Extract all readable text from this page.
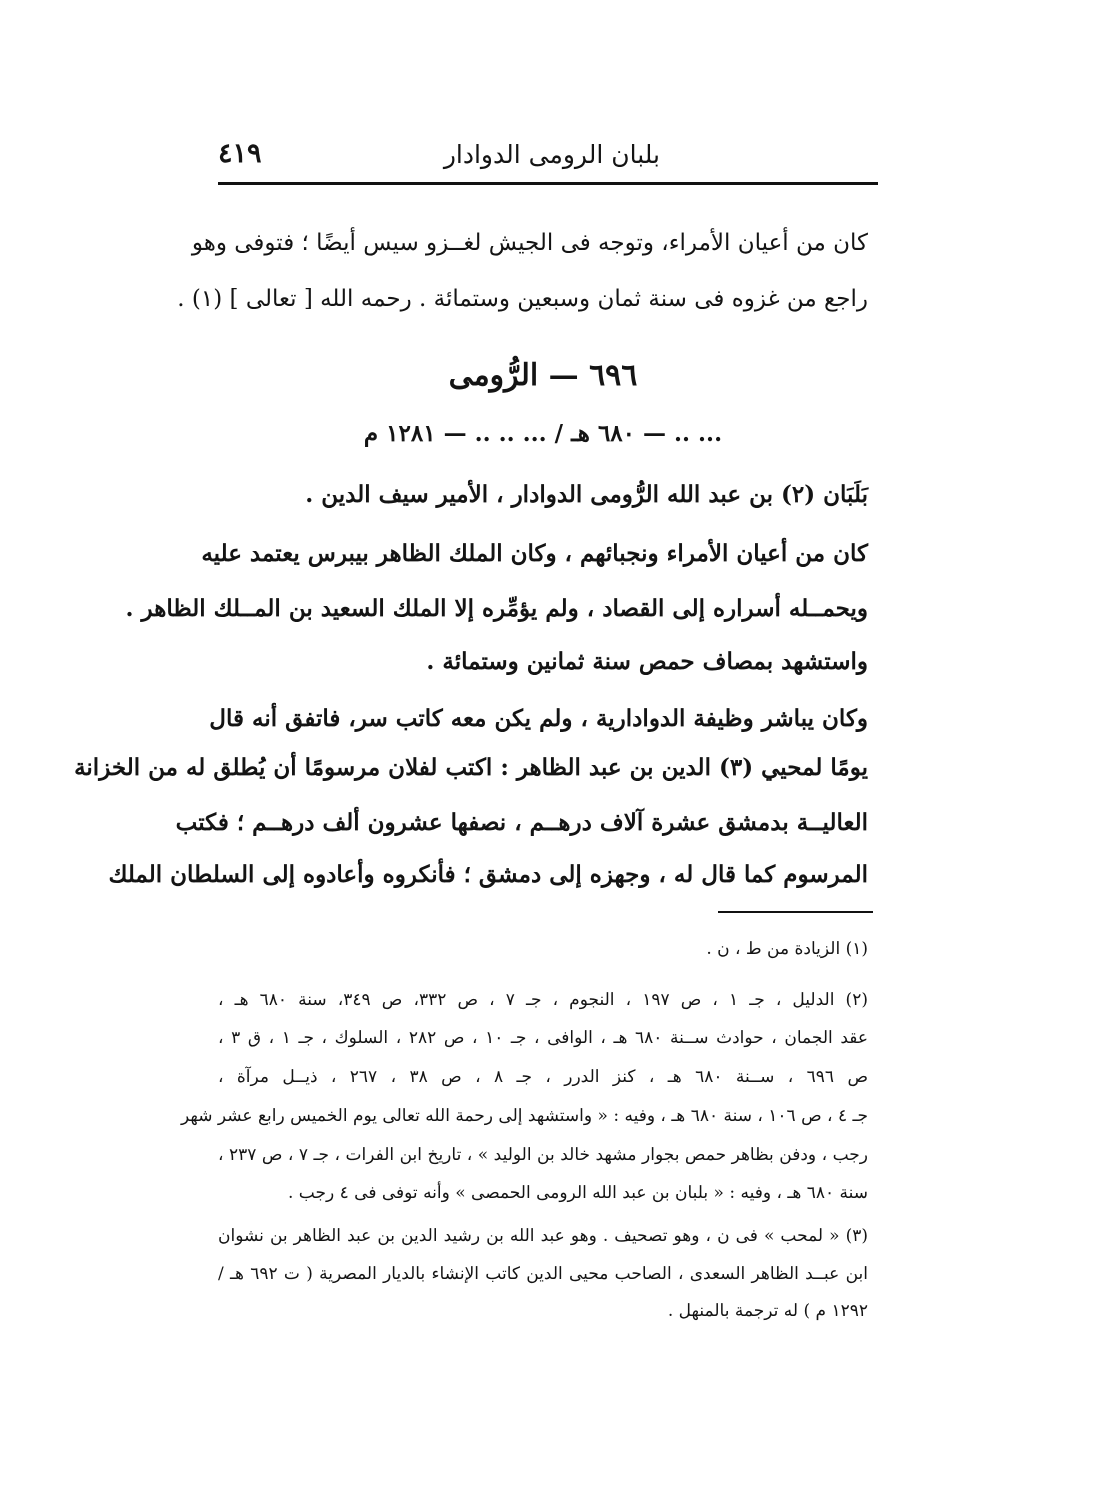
بلبان الرومى الدوادار
٤١٩
كان من أعيان الأمراء، وتوجه فى الجيش لغــزو سيس أيضًا ؛ فتوفى وهو
راجع من غزوه فى سنة ثمان وسبعين وستمائة . رحمه الله [ تعالى ] (١) .
٦٩٦ — الرُّومى
... .. — ٦٨٠ هـ / ... .. .. — ١٢٨١ م
بَلَبَان (٢) بن عبد الله الرُّومى الدوادار ، الأمير سيف الدين .
كان من أعيان الأمراء ونجبائهم ، وكان الملك الظاهر بيبرس يعتمد عليه
ويحمــله أسراره إلى القصاد ، ولم يؤمِّره إلا الملك السعيد بن المــلك الظاهر .
واستشهد بمصاف حمص سنة ثمانين وستمائة .
وكان يباشر وظيفة الدوادارية ، ولم يكن معه كاتب سر، فاتفق أنه قال
يومًا لمحيي (٣) الدين بن عبد الظاهر : اكتب لفلان مرسومًا أن يُطلق له من الخزانة
العاليــة بدمشق عشرة آلاف درهــم ، نصفها عشرون ألف درهــم ؛ فكتب
المرسوم كما قال له ، وجهزه إلى دمشق ؛ فأنكروه وأعادوه إلى السلطان الملك
(١) الزيادة من ط ، ن .
(٢) الدليل ، جـ ١ ، ص ١٩٧ ، النجوم ، جـ ٧ ، ص ٣٣٢، ص ٣٤٩، سنة ٦٨٠ هـ ،
عقد الجمان ، حوادث ســنة ٦٨٠ هـ ، الوافى ، جـ ١٠ ، ص ٢٨٢ ، السلوك ، جـ ١ ، ق ٣ ،
ص ٦٩٦ ، ســنة ٦٨٠ هـ ، كنز الدرر ، جـ ٨ ، ص ٣٨ ، ٢٦٧ ، ذيــل مرآة ،
جـ ٤ ، ص ١٠٦ ، سنة ٦٨٠ هـ ، وفيه : « واستشهد إلى رحمة الله تعالى يوم الخميس رابع عشر شهر
رجب ، ودفن بظاهر حمص بجوار مشهد خالد بن الوليد » ، تاريخ ابن الفرات ، جـ ٧ ، ص ٢٣٧ ،
سنة ٦٨٠ هـ ، وفيه : « بلبان بن عبد الله الرومى الحمصى » وأنه توفى فى ٤ رجب .
(٣) « لمحب » فى ن ، وهو تصحيف . وهو عبد الله بن رشيد الدين بن عبد الظاهر بن نشوان
ابن عبــد الظاهر السعدى ، الصاحب محيى الدين كاتب الإنشاء بالديار المصرية ( ت ٦٩٢ هـ /
١٢٩٢ م ) له ترجمة بالمنهل .
